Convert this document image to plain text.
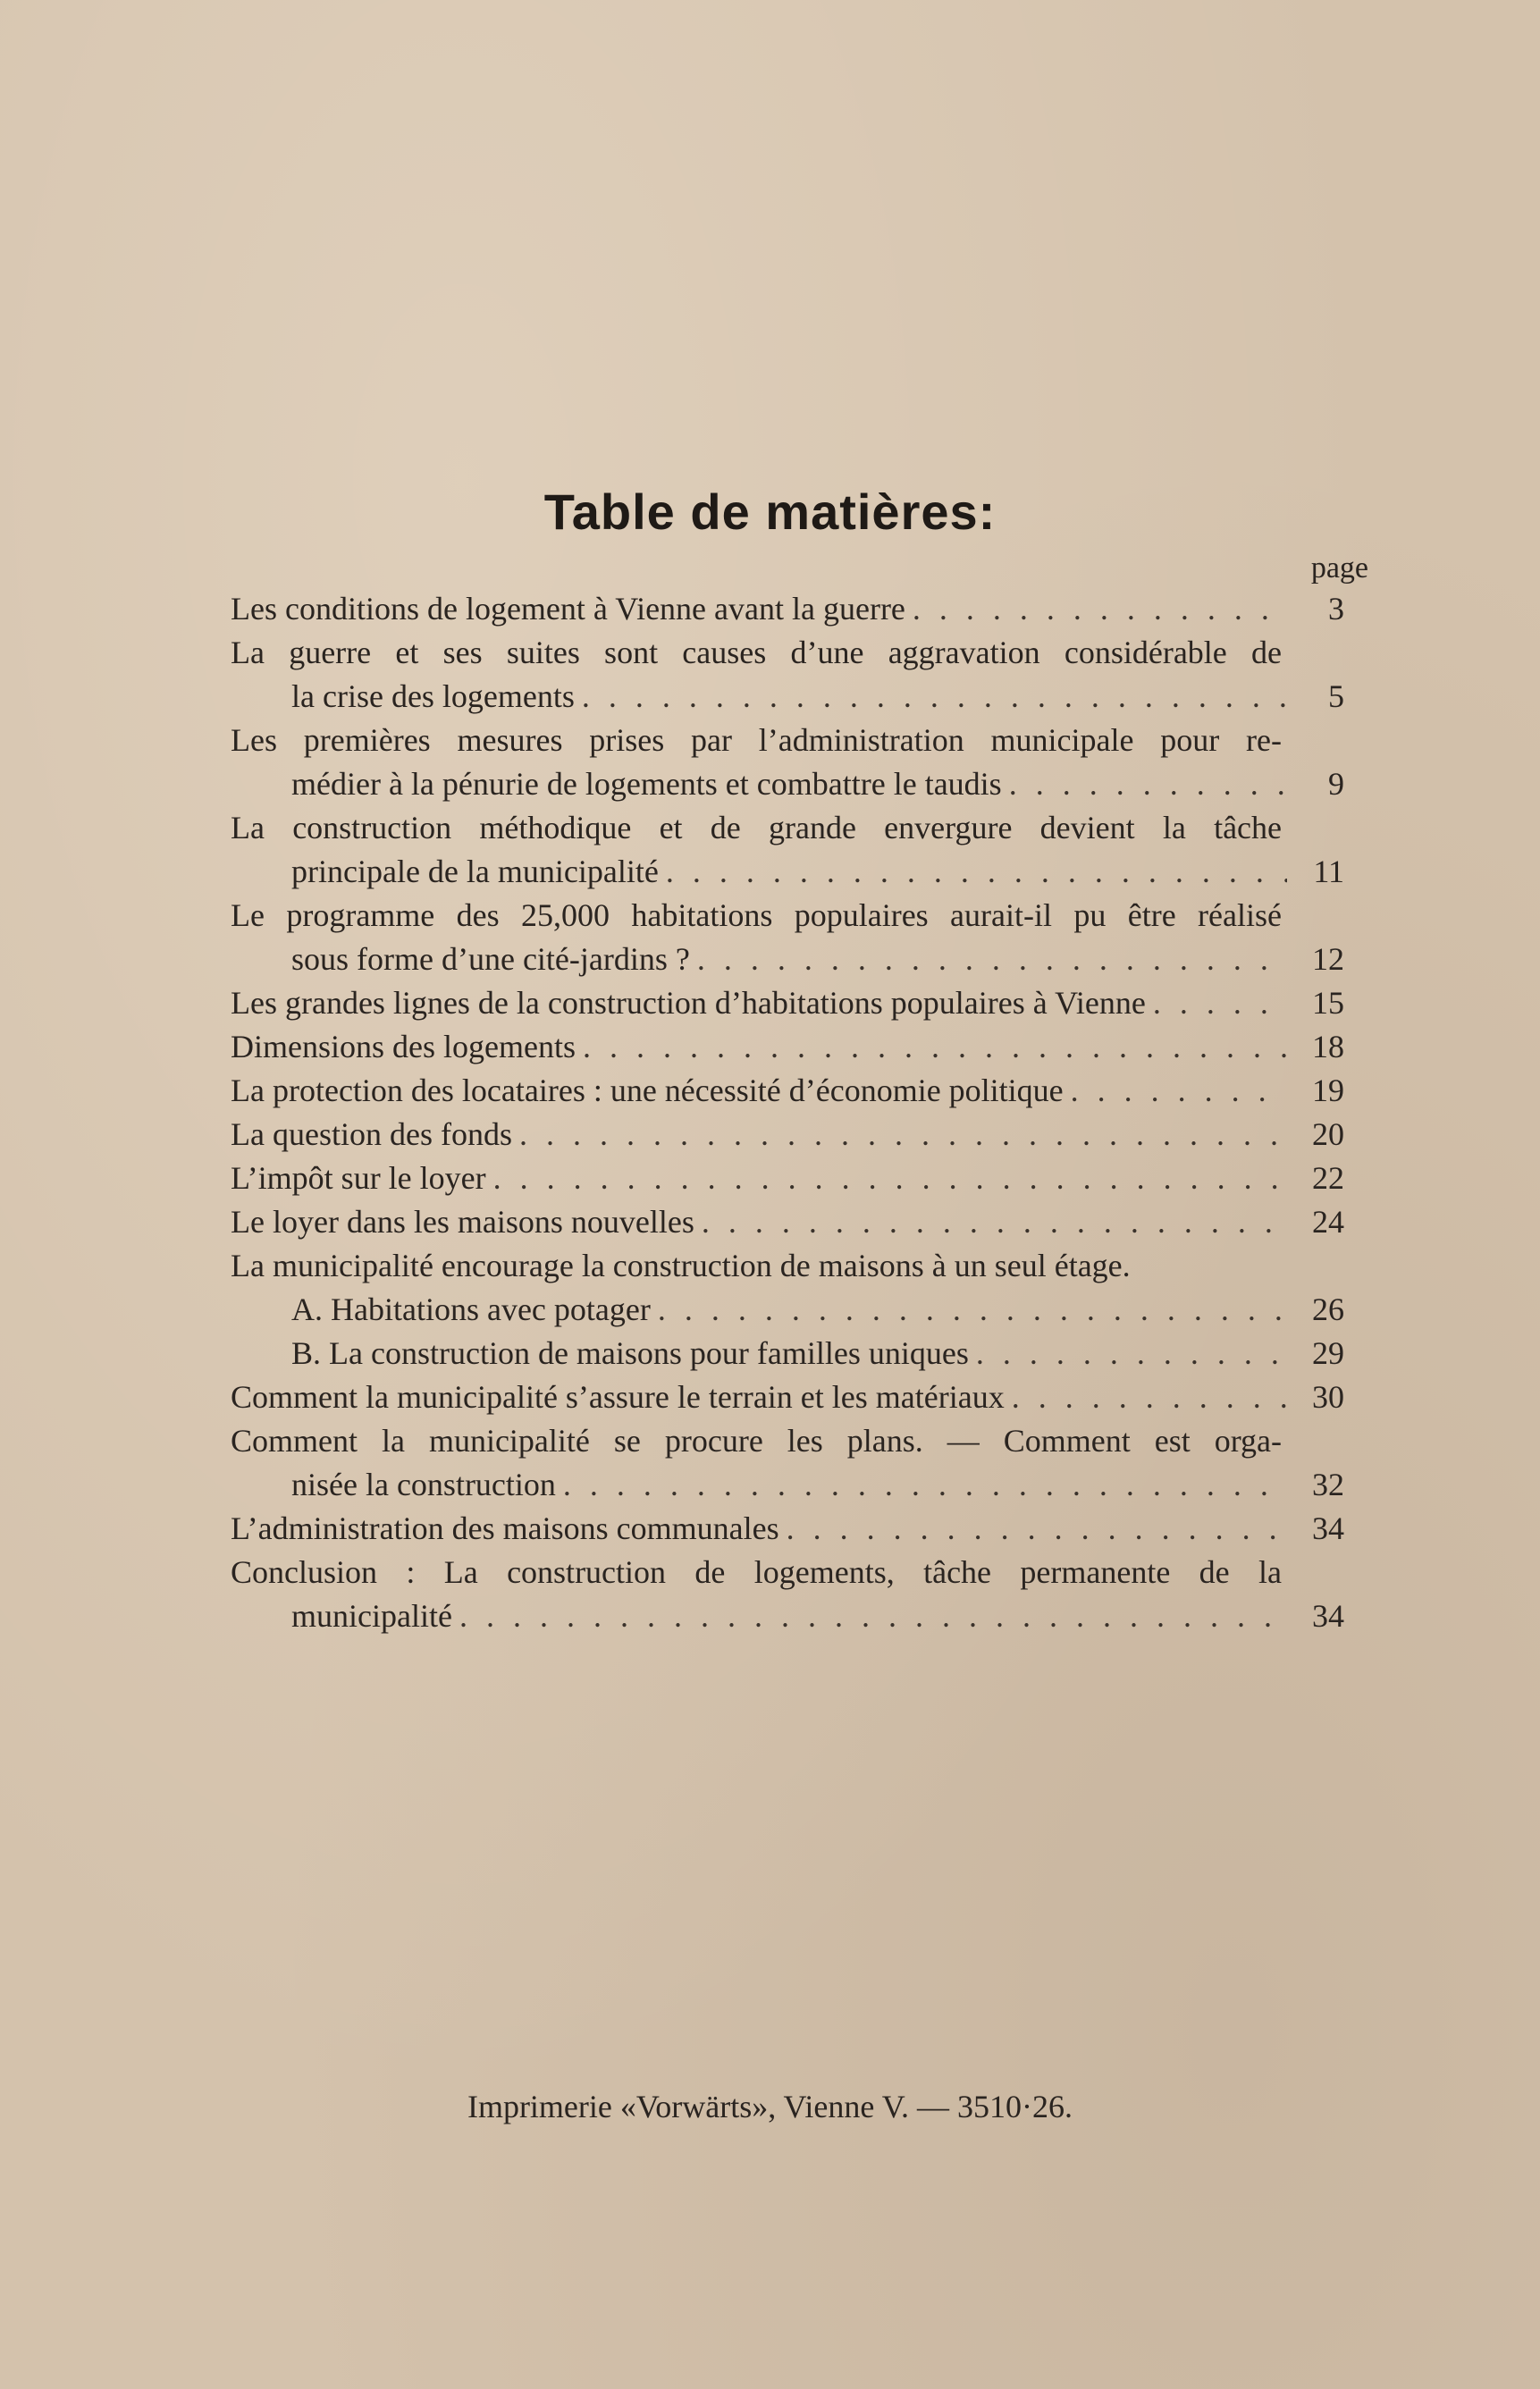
Table de matières:
page
Les conditions de logement à Vienne avant la guerre . . .	3
La guerre et ses suites sont causes d’une aggravation considérable de
la crise des logements . . .	5
Les premières mesures prises par l’administration municipale pour re-
médier à la pénurie de logements et combattre le taudis . . .	9
La construction méthodique et de grande envergure devient la tâche
principale de la municipalité . . .	11
Le programme des 25,000 habitations populaires aurait-il pu être réalisé
sous forme d’une cité-jardins ? . . .	12
Les grandes lignes de la construction d’habitations populaires à Vienne . . .	15
Dimensions des logements . . .	18
La protection des locataires : une nécessité d’économie politique . . .	19
La question des fonds . . .	20
L’impôt sur le loyer . . .	22
Le loyer dans les maisons nouvelles . . .	24
La municipalité encourage la construction de maisons à un seul étage.
A. Habitations avec potager . . .	26
B. La construction de maisons pour familles uniques . . .	29
Comment la municipalité s’assure le terrain et les matériaux . . .	30
Comment la municipalité se procure les plans. — Comment est orga-
nisée la construction . . .	32
L’administration des maisons communales . . .	34
Conclusion : La construction de logements, tâche permanente de la
municipalité . . .	34
Imprimerie «Vorwärts», Vienne V. — 3510·26.
